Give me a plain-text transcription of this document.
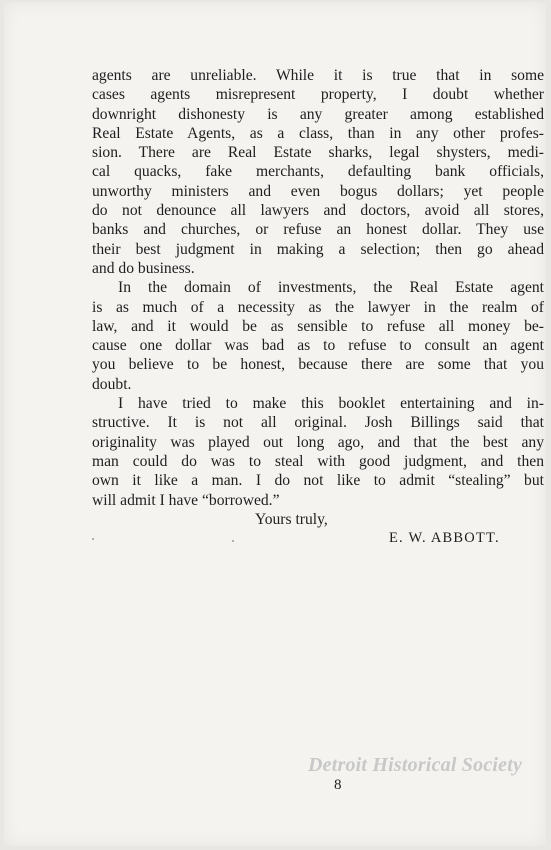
agents are unreliable. While it is true that in some
cases agents misrepresent property, I doubt whether
downright dishonesty is any greater among established
Real Estate Agents, as a class, than in any other profes-
sion. There are Real Estate sharks, legal shysters, medi-
cal quacks, fake merchants, defaulting bank officials,
unworthy ministers and even bogus dollars; yet people
do not denounce all lawyers and doctors, avoid all stores,
banks and churches, or refuse an honest dollar. They use
their best judgment in making a selection; then go ahead
and do business.
In the domain of investments, the Real Estate agent
is as much of a necessity as the lawyer in the realm of
law, and it would be as sensible to refuse all money be-
cause one dollar was bad as to refuse to consult an agent
you believe to be honest, because there are some that you
doubt.
I have tried to make this booklet entertaining and in-
structive. It is not all original. Josh Billings said that
originality was played out long ago, and that the best any
man could do was to steal with good judgment, and then
own it like a man. I do not like to admit “stealing” but
will admit I have “borrowed.”
Yours truly,
E. W. ABBOTT.
Detroit Historical Society
8
